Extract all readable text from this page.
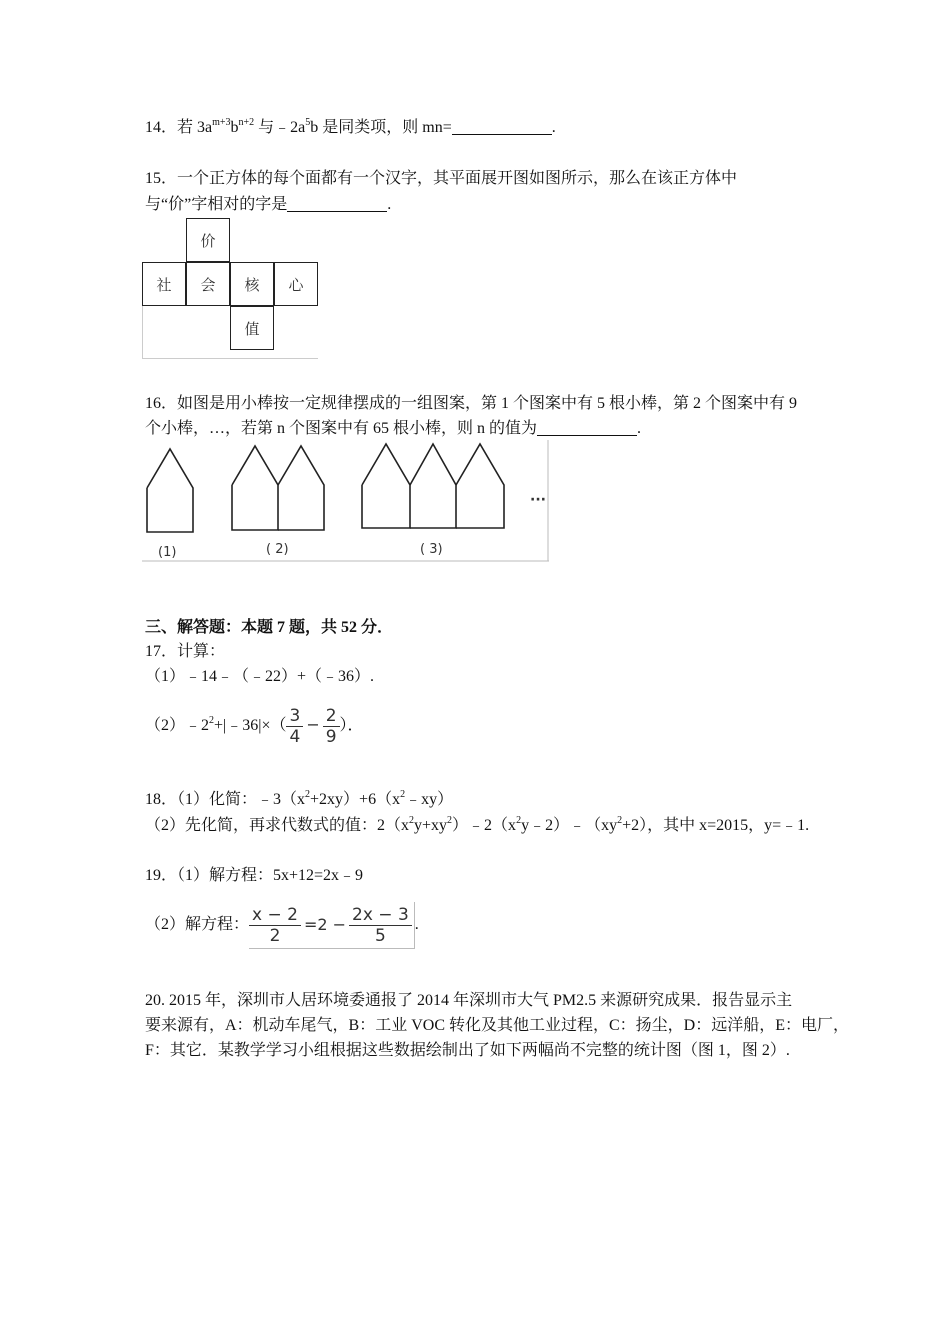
14．若 $3a^{m+3}b^{n+2}$ 与$﹣2a^5b$ 是同类项，则 mn=	.
15．一个正方体的每个面都有一个汉字，其平面展开图如图所示，那么在该正方体中
与“价”字相对的字是	.
价
社	会	核	心
值
16．如图是用小棒按一定规律摆成的一组图案，第 1 个图案中有 5 根小棒，第 2 个图案中有 9
个小棒，…，若第 n 个图案中有 65 根小棒，则 n 的值为	.
(1)	( 2)	( 3)
···
三、解答题：本题 7 题，共 52 分．
17．计算：
（1）﹣14﹣（﹣22）+（﹣36）.
$(2)﹣2^2+|﹣36|\times( \frac{3}{4} - \frac{2}{9}$ ）．
18．（1）化简：$﹣3(x^2+2xy)+6(x^2﹣xy)$
（2）先化简，再求代数式的值：$2(x^2y+xy^2)﹣2(x^2y﹣2)﹣(xy^2+2)$，其中 x=2015，y=﹣1.
19．（1）解方程：5x+12=2x﹣9
（2）解方程： $\frac{x - 2}{2} =2 - \frac{2x - 3}{5}$ .
20. 2015 年，深圳市人居环境委通报了 2014 年深圳市大气 PM2.5 来源研究成果．报告显示主
要来源有，A：机动车尾气，B：工业 VOC 转化及其他工业过程，C：扬尘，D：远洋船，E：电厂，
F：其它．某教学学习小组根据这些数据绘制出了如下两幅尚不完整的统计图（图 1，图 2）.
